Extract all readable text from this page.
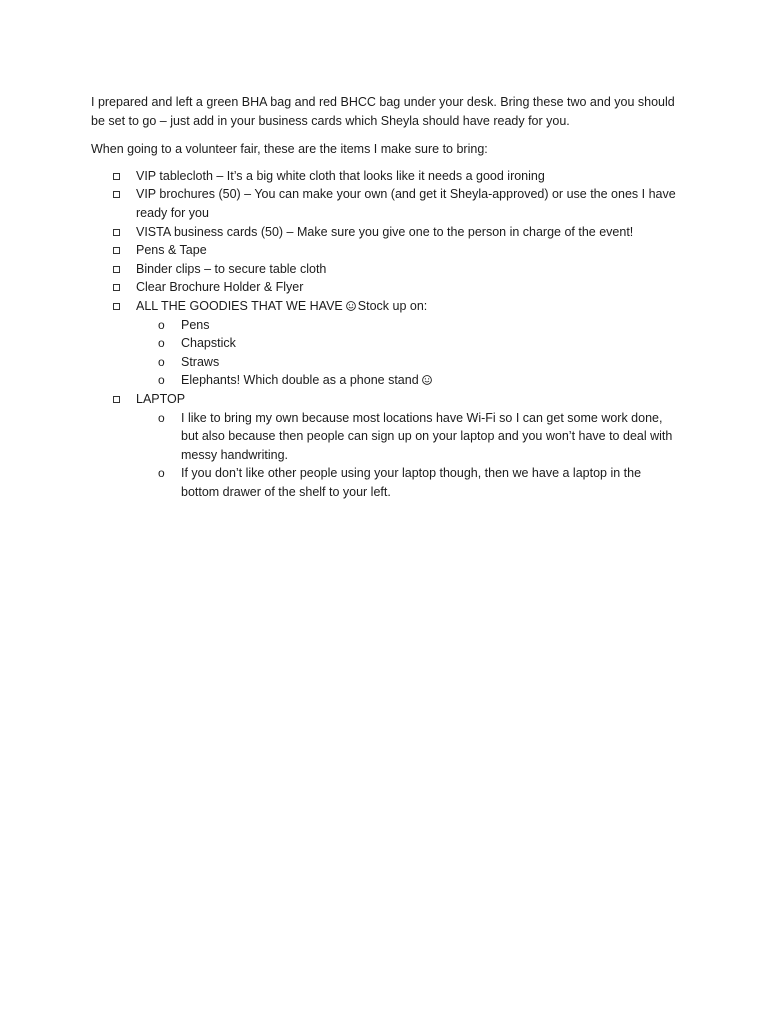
I prepared and left a green BHA bag and red BHCC bag under your desk. Bring these two and you should be set to go – just add in your business cards which Sheyla should have ready for you.

When going to a volunteer fair, these are the items I make sure to bring:

VIP tablecloth – It’s a big white cloth that looks like it needs a good ironing
VIP brochures (50) – You can make your own (and get it Sheyla-approved) or use the ones I have ready for you
VISTA business cards (50) – Make sure you give one to the person in charge of the event!
Pens & Tape
Binder clips – to secure table cloth
Clear Brochure Holder & Flyer
ALL THE GOODIES THAT WE HAVE Stock up on:
o Pens
o Chapstick
o Straws
o Elephants! Which double as a phone stand
LAPTOP
o I like to bring my own because most locations have Wi-Fi so I can get some work done, but also because then people can sign up on your laptop and you won’t have to deal with messy handwriting.
o If you don’t like other people using your laptop though, then we have a laptop in the bottom drawer of the shelf to your left.
